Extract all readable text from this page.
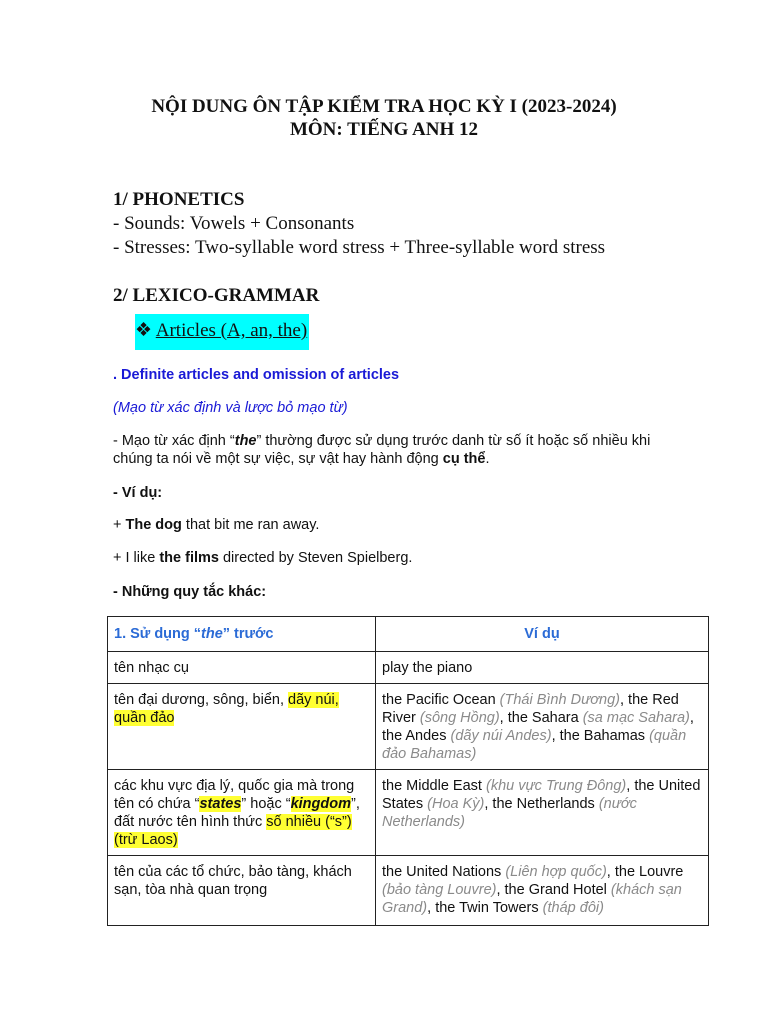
NỘI DUNG ÔN TẬP KIỂM TRA HỌC KỲ I (2023-2024)
MÔN: TIẾNG ANH 12
1/ PHONETICS
- Sounds: Vowels + Consonants
- Stresses: Two-syllable word stress + Three-syllable word stress
2/ LEXICO-GRAMMAR
❖ Articles (A, an, the)
. Definite articles and omission of articles
(Mạo từ xác định và lược bỏ mạo từ)
- Mạo từ xác định “the” thường được sử dụng trước danh từ số ít hoặc số nhiều khi chúng ta nói về một sự việc, sự vật hay hành động cụ thể.
- Ví dụ:
+ The dog that bit me ran away.
+ I like the films directed by Steven Spielberg.
- Những quy tắc khác:
1. Sử dụng “the” trước	Ví dụ
tên nhạc cụ	play the piano
tên đại dương, sông, biển, dãy núi, quần đảo	the Pacific Ocean (Thái Bình Dương), the Red River (sông Hồng), the Sahara (sa mạc Sahara), the Andes (dãy núi Andes), the Bahamas (quần đảo Bahamas)
các khu vực địa lý, quốc gia mà trong tên có chứa “states” hoặc “kingdom”, đất nước tên hình thức số nhiều (“s”) (trừ Laos)	the Middle East (khu vực Trung Đông), the United States (Hoa Kỳ), the Netherlands (nước Netherlands)
tên của các tổ chức, bảo tàng, khách sạn, tòa nhà quan trọng	the United Nations (Liên hợp quốc), the Louvre (bảo tàng Louvre), the Grand Hotel (khách sạn Grand), the Twin Towers (tháp đôi)
